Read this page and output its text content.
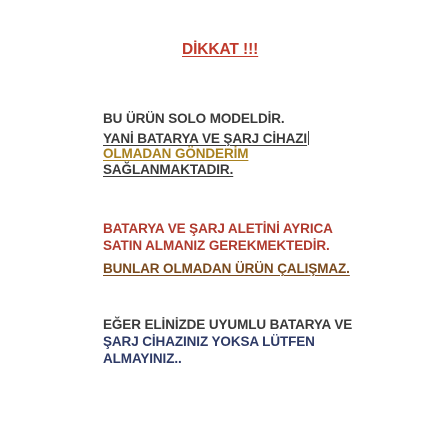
DİKKAT !!!
BU ÜRÜN SOLO MODELDİR.
YANİ BATARYA VE ŞARJ CİHAZI
OLMADAN GÖNDERİM
SAĞLANMAKTADIR.
BATARYA VE ŞARJ ALETİNİ AYRICA
SATIN ALMANIZ GEREKMEKTEDİR.
BUNLAR OLMADAN ÜRÜN ÇALIŞMAZ.
EĞER ELİNİZDE UYUMLU BATARYA VE
ŞARJ CİHAZINIZ YOKSA LÜTFEN
ALMAYINIZ..
